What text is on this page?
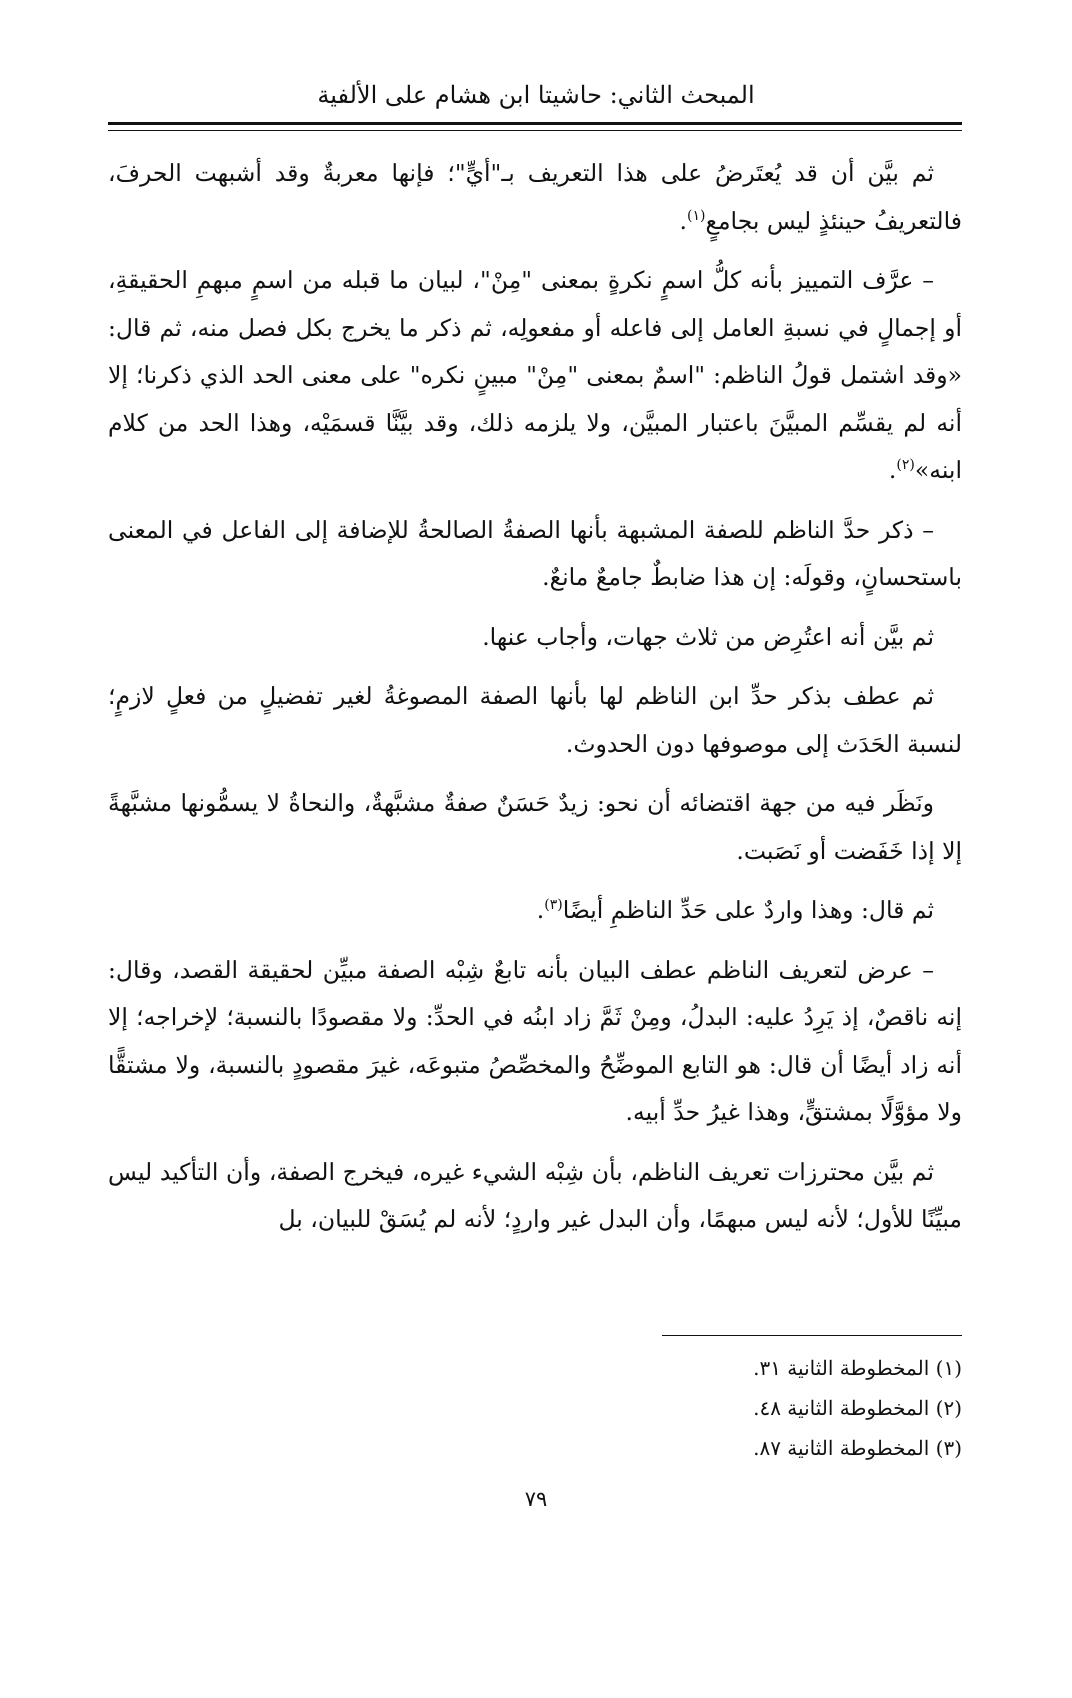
المبحث الثاني: حاشيتا ابن هشام على الألفية

ثم بيَّن أن قد يُعتَرضُ على هذا التعريف بـ"أيٍّ"؛ فإنها معربةٌ وقد أشبهت الحرفَ، فالتعريفُ حينئذٍ ليس بجامعٍ$^{(١)}$.

– عرَّف التمييز بأنه كلُّ اسمٍ نكرةٍ بمعنى "مِنْ"، لبيان ما قبله من اسمٍ مبهمِ الحقيقةِ، أو إجمالٍ في نسبةِ العامل إلى فاعله أو مفعولِه، ثم ذكر ما يخرج بكل فصل منه، ثم قال: «وقد اشتمل قولُ الناظم: "اسمٌ بمعنى "مِنْ" مبينٍ نكره" على معنى الحد الذي ذكرنا؛ إلا أنه لم يقسِّم المبيَّنَ باعتبار المبيَّن، ولا يلزمه ذلك، وقد بيَّنَّا قسمَيْه، وهذا الحد من كلام ابنه»$^{(٢)}$.

– ذكر حدَّ الناظم للصفة المشبهة بأنها الصفةُ الصالحةُ للإضافة إلى الفاعل في المعنى باستحسانٍ، وقولَه: إن هذا ضابطٌ جامعٌ مانعٌ.

ثم بيَّن أنه اعتُرِض من ثلاث جهات، وأجاب عنها.

ثم عطف بذكر حدِّ ابن الناظم لها بأنها الصفة المصوغةُ لغير تفضيلٍ من فعلٍ لازمٍ؛ لنسبة الحَدَث إلى موصوفها دون الحدوث.

ونَظَر فيه من جهة اقتضائه أن نحو: زيدٌ حَسَنٌ صفةٌ مشبَّهةٌ، والنحاةُ لا يسمُّونها مشبَّهةً إلا إذا خَفَضت أو نَصَبت.

ثم قال: وهذا واردٌ على حَدِّ الناظمِ أيضًا$^{(٣)}$.

– عرض لتعريف الناظم عطف البيان بأنه تابعٌ شِبْه الصفة مبيِّن لحقيقة القصد، وقال: إنه ناقصٌ، إذ يَرِدُ عليه: البدلُ، ومِنْ ثَمَّ زاد ابنُه في الحدِّ: ولا مقصودًا بالنسبة؛ لإخراجه؛ إلا أنه زاد أيضًا أن قال: هو التابع الموضِّحُ والمخصِّصُ متبوعَه، غيرَ مقصودٍ بالنسبة، ولا مشتقًّا ولا مؤوَّلًا بمشتقٍّ، وهذا غيرُ حدِّ أبيه.

ثم بيَّن محترزات تعريف الناظم، بأن شِبْه الشيء غيره، فيخرج الصفة، وأن التأكيد ليس مبيِّنًا للأول؛ لأنه ليس مبهمًا، وأن البدل غير واردٍ؛ لأنه لم يُسَقْ للبيان، بل

(١) المخطوطة الثانية ٣١.

(٢) المخطوطة الثانية ٤٨.

(٣) المخطوطة الثانية ٨٧.

٧٩
